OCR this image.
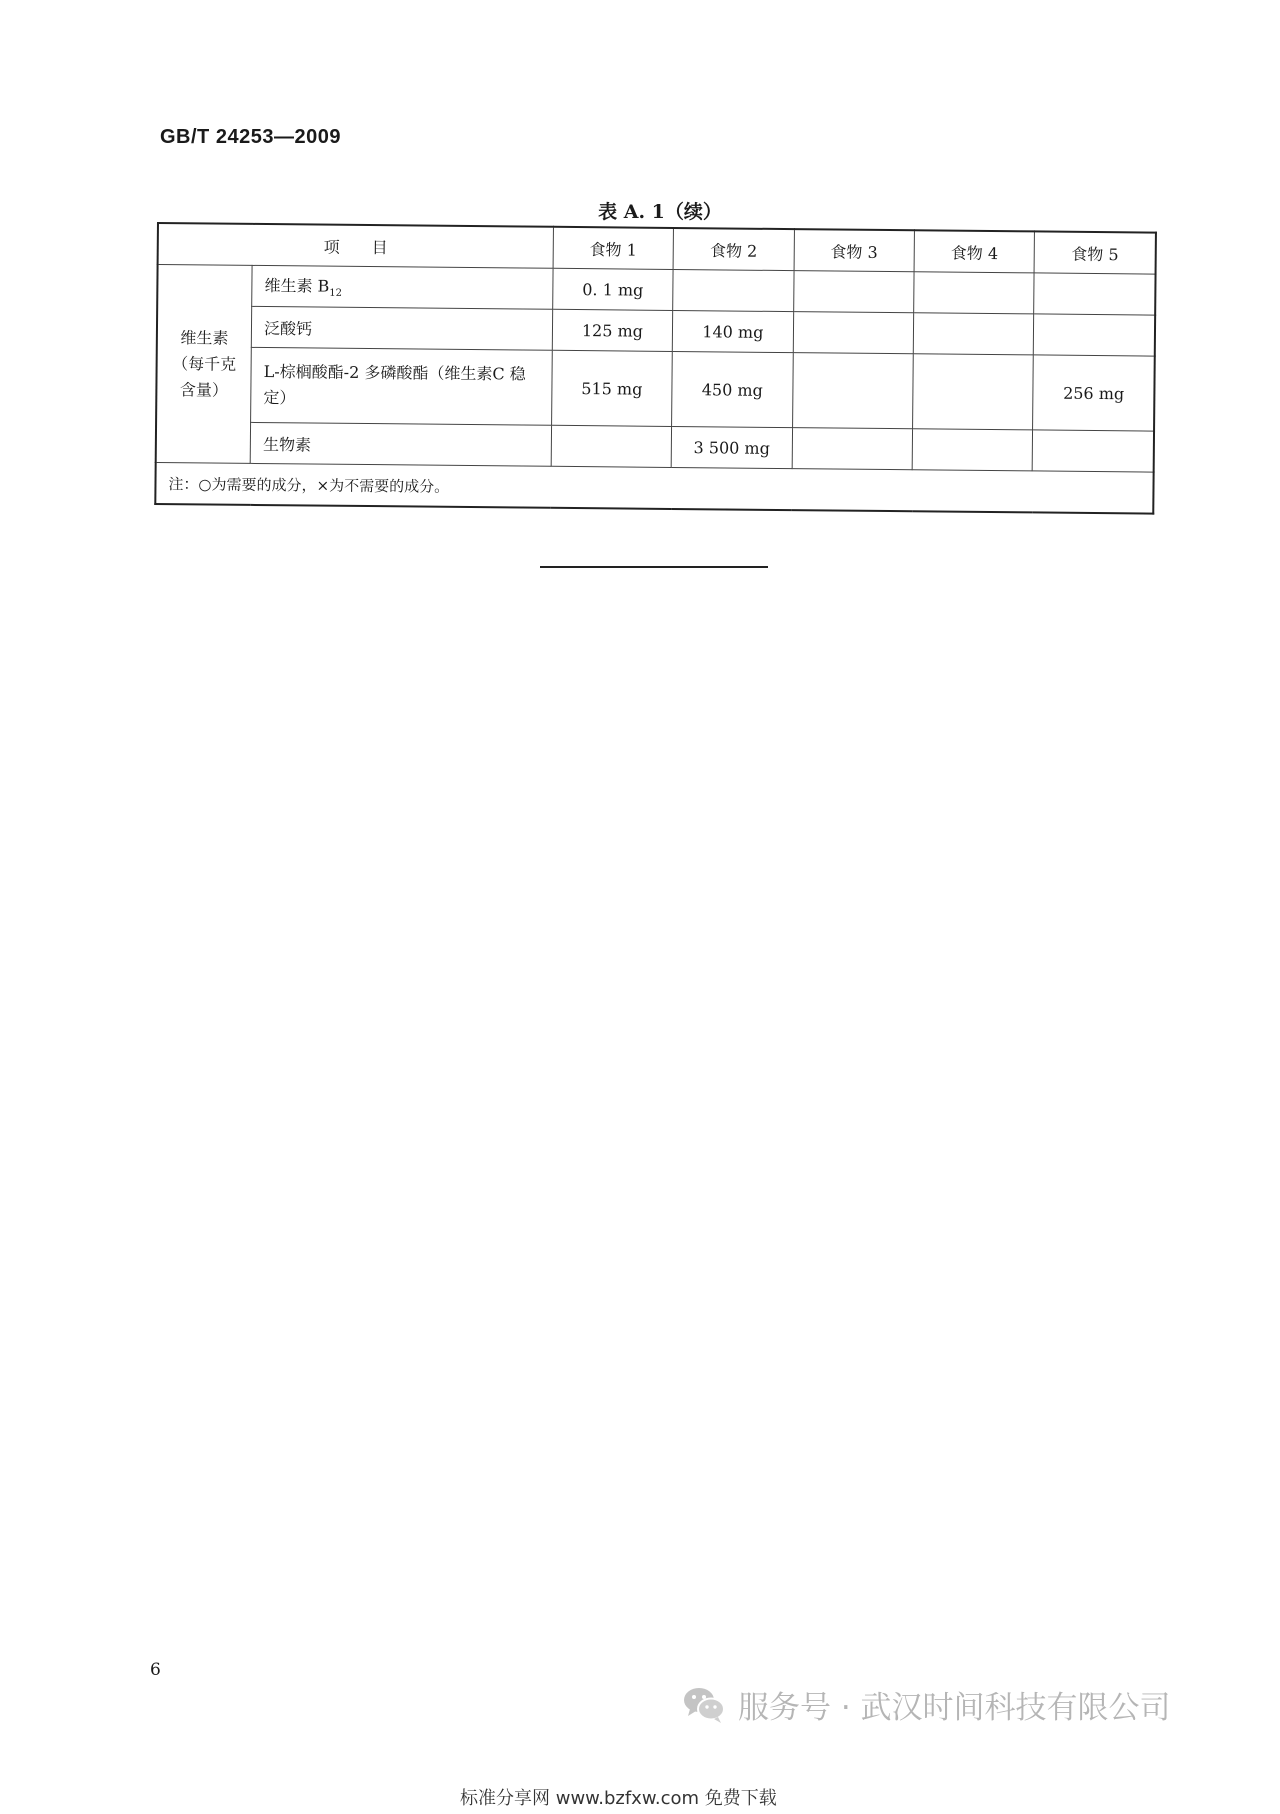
GB/T 24253—2009
表 A. 1（续）
项　　目		食物 1	食物 2	食物 3	食物 4	食物 5
维生素（每千克含量）	维生素 $B_{12}$	0. 1 mg				
	泛酸钙	125 mg	140 mg			
	L-棕榈酸酯-2 多磷酸酯（维生素C 稳定）	515 mg	450 mg			256 mg
	生物素		3 500 mg			
注：○为需要的成分，×为不需要的成分。						
6
服务号 · 武汉时间科技有限公司
标准分享网 www.bzfxw.com 免费下载
